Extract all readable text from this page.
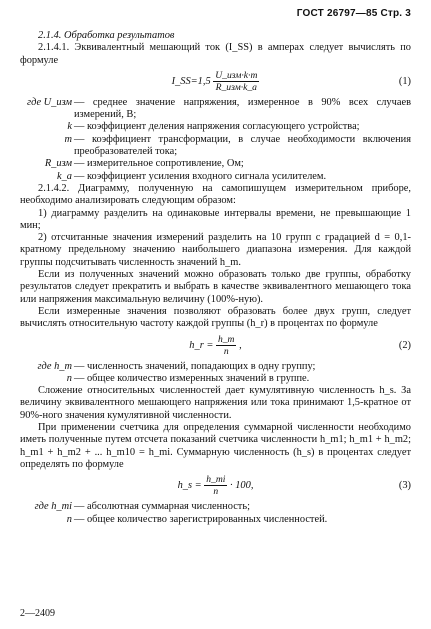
ГОСТ 26797—85 Стр. 3

2.1.4. Обработка результатов

2.1.4.1. Эквивалентный мешающий ток (I_SS) в амперах следует вычислять по формуле

I_SS=1,5 $\frac{\text{U\_изм·k·m}}{\text{R\_изм·k\_a}}$	(1)
где U_изм — среднее значение напряжения, измеренное в 90% всех случаев измерений, В;
k — коэффициент деления напряжения согласующего устройства;
m — коэффициент трансформации, в случае необходимости включения преобразователей тока;
R_изм — измерительное сопротивление, Ом;
k_a — коэффициент усиления входного сигнала усилителем.

2.1.4.2. Диаграмму, полученную на самопишущем измерительном приборе, необходимо анализировать следующим образом:

1) диаграмму разделить на одинаковые интервалы времени, не превышающие 1 мин;

2) отсчитанные значения измерений разделить на 10 групп с градацией d = 0,1-кратному предельному значению наибольшего диапазона измерения. Для каждой группы подсчитывать численность значений h_m.

Если из полученных значений можно образовать только две группы, обработку результатов следует прекратить и выбрать в качестве эквивалентного мешающего тока или напряжения максимальную величину (100%-ную).

Если измеренные значения позволяют образовать более двух групп, следует вычислять относительную частоту каждой группы (h_r) в процентах по формуле

h_r = $\frac{h\_m}{n}$ ,	(2)
где h_m — численность значений, попадающих в одну группу;
n — общее количество измеренных значений в группе.

Сложение относительных численностей дает кумулятивную численность h_s. За величину эквивалентного мешающего напряжения или тока принимают 1,5-кратное от 90%-ного значения кумулятивной численности.

При применении счетчика для определения суммарной численности необходимо иметь полученные путем отсчета показаний счетчика численности h_m1; h_m1 + h_m2; h_m1 + h_m2 + ... h_m10 = h_mi. Суммарную численность (h_s) в процентах следует определять по формуле

h_s = $\frac{h\_mi}{n} \cdot 100$,	(3)
где h_mi — абсолютная суммарная численность;
n — общее количество зарегистрированных численностей.
2—2409
